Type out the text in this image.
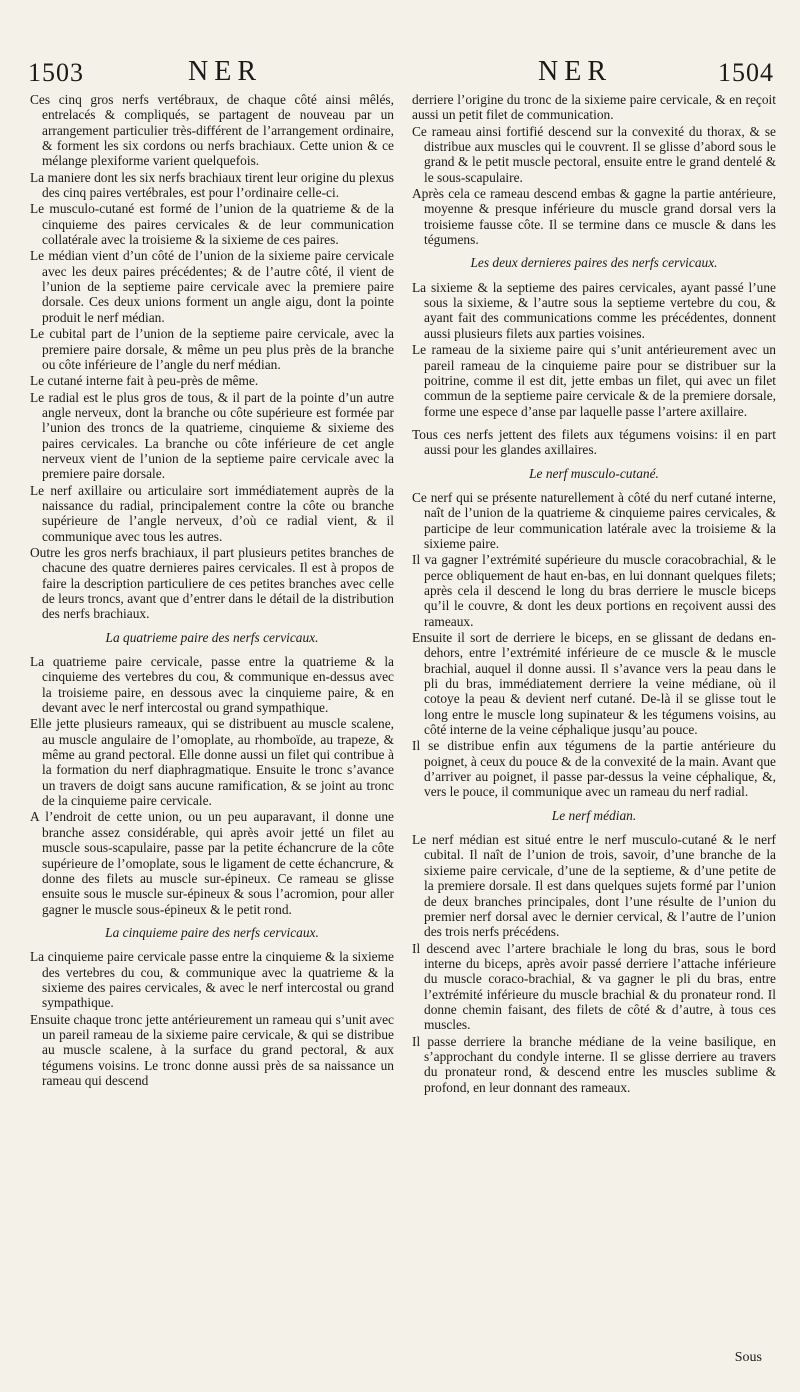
1503	NER	NER	1504
Ces cinq gros nerfs vertébraux, de chaque côté ainsi mêlés, entrelacés & compliqués, se partagent de nouveau par un arrangement particulier très-différent de l’arrangement ordinaire, & forment les six cordons ou nerfs brachiaux. Cette union & ce mélange plexiforme varient quelquefois.
La maniere dont les six nerfs brachiaux tirent leur origine du plexus des cinq paires vertébrales, est pour l’ordinaire celle-ci.
Le musculo-cutané est formé de l’union de la quatrieme & de la cinquieme des paires cervicales & de leur communication collatérale avec la troisieme & la sixieme de ces paires.
Le médian vient d’un côté de l’union de la sixieme paire cervicale avec les deux paires précédentes; & de l’autre côté, il vient de l’union de la septieme paire cervicale avec la premiere paire dorsale. Ces deux unions forment un angle aigu, dont la pointe produit le nerf médian.
Le cubital part de l’union de la septieme paire cervicale, avec la premiere paire dorsale, & même un peu plus près de la branche ou côte inférieure de l’angle du nerf médian.
Le cutané interne fait à peu-près de même.
Le radial est le plus gros de tous, & il part de la pointe d’un autre angle nerveux, dont la branche ou côte supérieure est formée par l’union des troncs de la quatrieme, cinquieme & sixieme des paires cervicales. La branche ou côte inférieure de cet angle nerveux vient de l’union de la septieme paire cervicale avec la premiere paire dorsale.
Le nerf axillaire ou articulaire sort immédiatement auprès de la naissance du radial, principalement contre la côte ou branche supérieure de l’angle nerveux, d’où ce radial vient, & il communique avec tous les autres.
Outre les gros nerfs brachiaux, il part plusieurs petites branches de chacune des quatre dernieres paires cervicales. Il est à propos de faire la description particuliere de ces petites branches avec celle de leurs troncs, avant que d’entrer dans le détail de la distribution des nerfs brachiaux.
La quatrieme paire des nerfs cervicaux.
La quatrieme paire cervicale, passe entre la quatrieme & la cinquieme des vertebres du cou, & communique en-dessus avec la troisieme paire, en dessous avec la cinquieme paire, & en devant avec le nerf intercostal ou grand sympathique.
Elle jette plusieurs rameaux, qui se distribuent au muscle scalene, au muscle angulaire de l’omoplate, au rhomboïde, au trapeze, & même au grand pectoral. Elle donne aussi un filet qui contribue à la formation du nerf diaphragmatique. Ensuite le tronc s’avance un travers de doigt sans aucune ramification, & se joint au tronc de la cinquieme paire cervicale.
A l’endroit de cette union, ou un peu auparavant, il donne une branche assez considérable, qui après avoir jetté un filet au muscle sous-scapulaire, passe par la petite échancrure de la côte supérieure de l’omoplate, sous le ligament de cette échancrure, & donne des filets au muscle sur-épineux. Ce rameau se glisse ensuite sous le muscle sur-épineux & sous l’acromion, pour aller gagner le muscle sous-épineux & le petit rond.
La cinquieme paire des nerfs cervicaux.
La cinquieme paire cervicale passe entre la cinquieme & la sixieme des vertebres du cou, & communique avec la quatrieme & la sixieme des paires cervicales, & avec le nerf intercostal ou grand sympathique.
Ensuite chaque tronc jette antérieurement un rameau qui s’unit avec un pareil rameau de la sixieme paire cervicale, & qui se distribue au muscle scalene, à la surface du grand pectoral, & aux tégumens voisins. Le tronc donne aussi près de sa naissance un rameau qui descend
derriere l’origine du tronc de la sixieme paire cervicale, & en reçoit aussi un petit filet de communication.
Ce rameau ainsi fortifié descend sur la convexité du thorax, & se distribue aux muscles qui le couvrent. Il se glisse d’abord sous le grand & le petit muscle pectoral, ensuite entre le grand dentelé & le sous-scapulaire.
Après cela ce rameau descend embas & gagne la partie antérieure, moyenne & presque inférieure du muscle grand dorsal vers la troisieme fausse côte. Il se termine dans ce muscle & dans les tégumens.
Les deux dernieres paires des nerfs cervicaux.
La sixieme & la septieme des paires cervicales, ayant passé l’une sous la sixieme, & l’autre sous la septieme vertebre du cou, & ayant fait des communications comme les précédentes, donnent aussi plusieurs filets aux parties voisines.
Le rameau de la sixieme paire qui s’unit antérieurement avec un pareil rameau de la cinquieme paire pour se distribuer sur la poitrine, comme il est dit, jette embas un filet, qui avec un filet commun de la septieme paire cervicale & de la premiere dorsale, forme une espece d’anse par laquelle passe l’artere axillaire.
Tous ces nerfs jettent des filets aux tégumens voisins: il en part aussi pour les glandes axillaires.
Le nerf musculo-cutané.
Ce nerf qui se présente naturellement à côté du nerf cutané interne, naît de l’union de la quatrieme & cinquieme paires cervicales, & participe de leur communication latérale avec la troisieme & la sixieme paire.
Il va gagner l’extrémité supérieure du muscle coracobrachial, & le perce obliquement de haut en-bas, en lui donnant quelques filets; après cela il descend le long du bras derriere le muscle biceps qu’il le couvre, & dont les deux portions en reçoivent aussi des rameaux.
Ensuite il sort de derriere le biceps, en se glissant de dedans en-dehors, entre l’extrémité inférieure de ce muscle & le muscle brachial, auquel il donne aussi. Il s’avance vers la peau dans le pli du bras, immédiatement derriere la veine médiane, où il cotoye la peau & devient nerf cutané. De-là il se glisse tout le long entre le muscle long supinateur & les tégumens voisins, au côté interne de la veine céphalique jusqu’au pouce.
Il se distribue enfin aux tégumens de la partie antérieure du poignet, à ceux du pouce & de la convexité de la main. Avant que d’arriver au poignet, il passe par-dessus la veine céphalique, &, vers le pouce, il communique avec un rameau du nerf radial.
Le nerf médian.
Le nerf médian est situé entre le nerf musculo-cutané & le nerf cubital. Il naît de l’union de trois, savoir, d’une branche de la sixieme paire cervicale, d’une de la septieme, & d’une petite de la premiere dorsale. Il est dans quelques sujets formé par l’union de deux branches principales, dont l’une résulte de l’union du premier nerf dorsal avec le dernier cervical, & l’autre de l’union des trois nerfs précédens.
Il descend avec l’artere brachiale le long du bras, sous le bord interne du biceps, après avoir passé derriere l’attache inférieure du muscle coraco-brachial, & va gagner le pli du bras, entre l’extrémité inférieure du muscle brachial & du pronateur rond. Il donne chemin faisant, des filets de côté & d’autre, à tous ces muscles.
Il passe derriere la branche médiane de la veine basilique, en s’approchant du condyle interne. Il se glisse derriere au travers du pronateur rond, & descend entre les muscles sublime & profond, en leur donnant des rameaux.
Sous
